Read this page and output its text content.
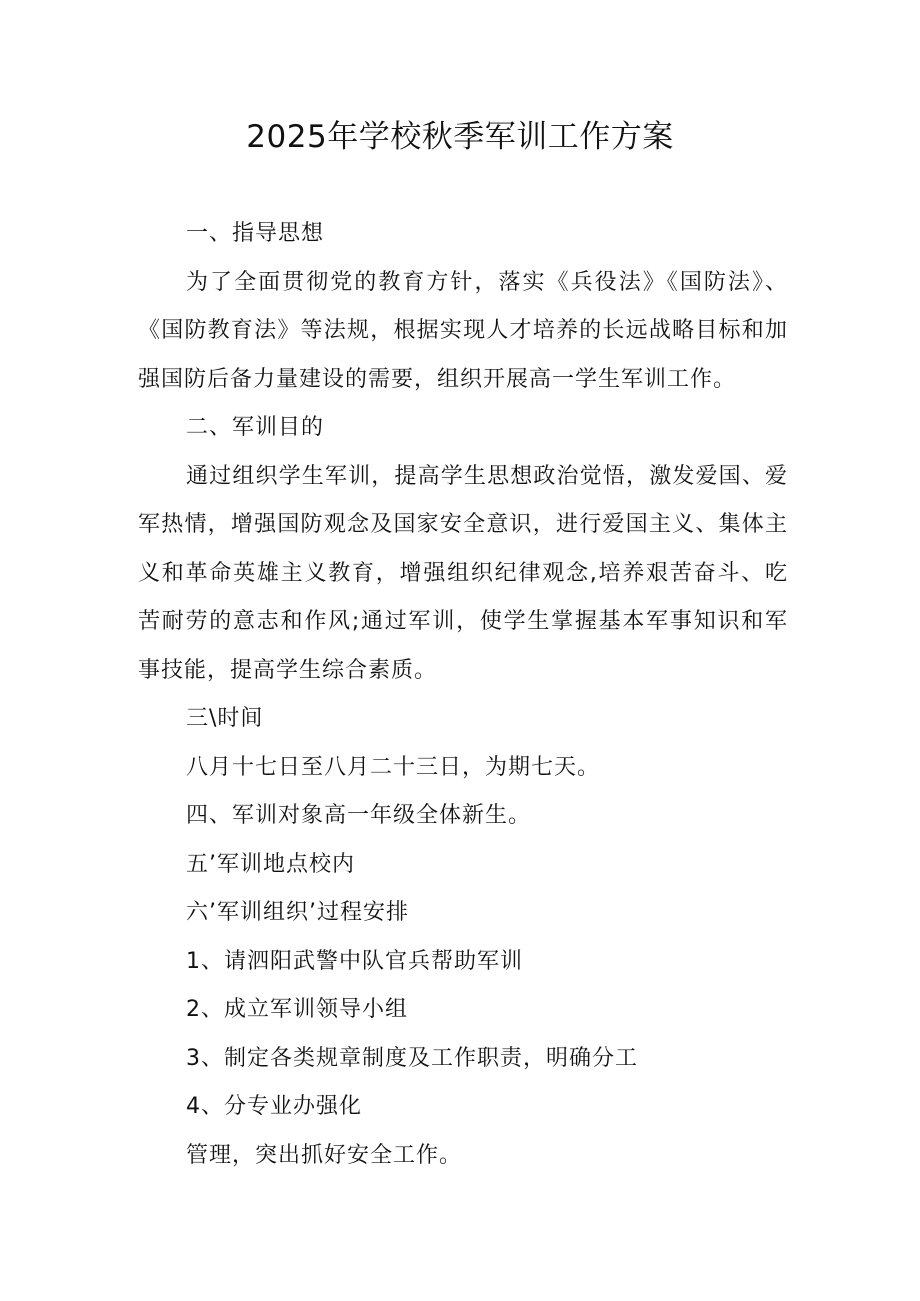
2025年学校秋季军训工作方案

一、指导思想

为了全面贯彻党的教育方针，落实《兵役法》《国防法》、《国防教育法》等法规，根据实现人才培养的长远战略目标和加强国防后备力量建设的需要，组织开展高一学生军训工作。

二、军训目的

通过组织学生军训，提高学生思想政治觉悟，激发爱国、爱军热情，增强国防观念及国家安全意识，进行爱国主义、集体主义和革命英雄主义教育，增强组织纪律观念,培养艰苦奋斗、吃苦耐劳的意志和作风;通过军训，使学生掌握基本军事知识和军事技能，提高学生综合素质。

三\时间

八月十七日至八月二十三日，为期七天。

四、军训对象高一年级全体新生。

五’军训地点校内

六’军训组织’过程安排

1、请泗阳武警中队官兵帮助军训

2、成立军训领导小组

3、制定各类规章制度及工作职责，明确分工

4、分专业办强化

管理，突出抓好安全工作。
